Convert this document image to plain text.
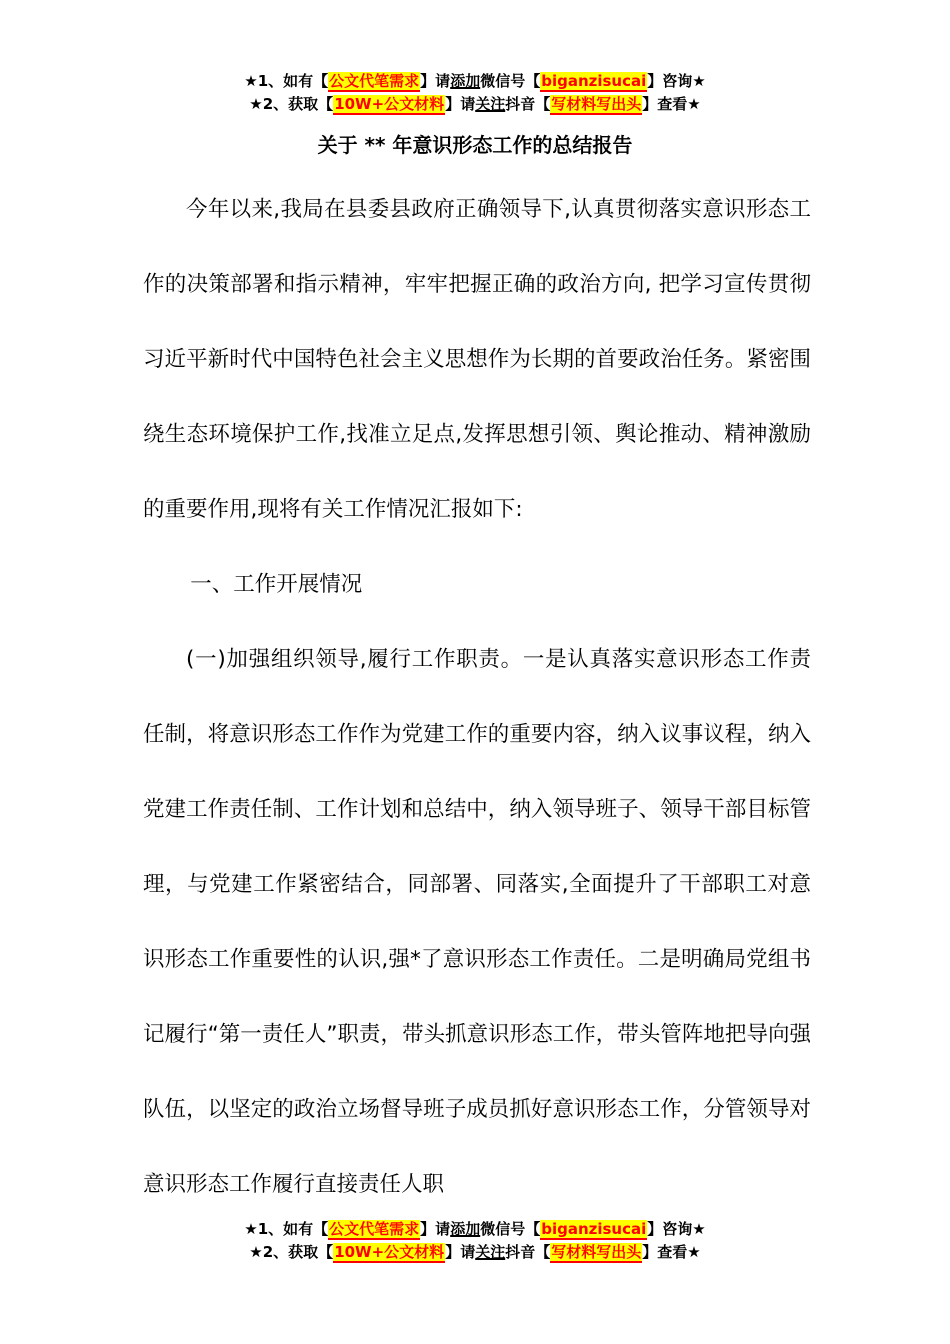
★1、如有【公文代笔需求】请添加微信号【biganzisucai】咨询★
★2、获取【10W+公文材料】请关注抖音【写材料写出头】查看★
关于 ** 年意识形态工作的总结报告

今年以来,我局在县委县政府正确领导下,认真贯彻落实意识形态工作的决策部署和指示精神，牢牢把握正确的政治方向, 把学习宣传贯彻习近平新时代中国特色社会主义思想作为长期的首要政治任务。紧密围绕生态环境保护工作,找准立足点,发挥思想引领、舆论推动、精神激励的重要作用,现将有关工作情况汇报如下:

一、工作开展情况

(一)加强组织领导,履行工作职责。一是认真落实意识形态工作责任制，将意识形态工作作为党建工作的重要内容，纳入议事议程，纳入党建工作责任制、工作计划和总结中，纳入领导班子、领导干部目标管理，与党建工作紧密结合，同部署、同落实,全面提升了干部职工对意识形态工作重要性的认识,强*了意识形态工作责任。二是明确局党组书记履行“第一责任人”职责，带头抓意识形态工作，带头管阵地把导向强队伍，以坚定的政治立场督导班子成员抓好意识形态工作，分管领导对意识形态工作履行直接责任人职

★1、如有【公文代笔需求】请添加微信号【biganzisucai】咨询★
★2、获取【10W+公文材料】请关注抖音【写材料写出头】查看★
